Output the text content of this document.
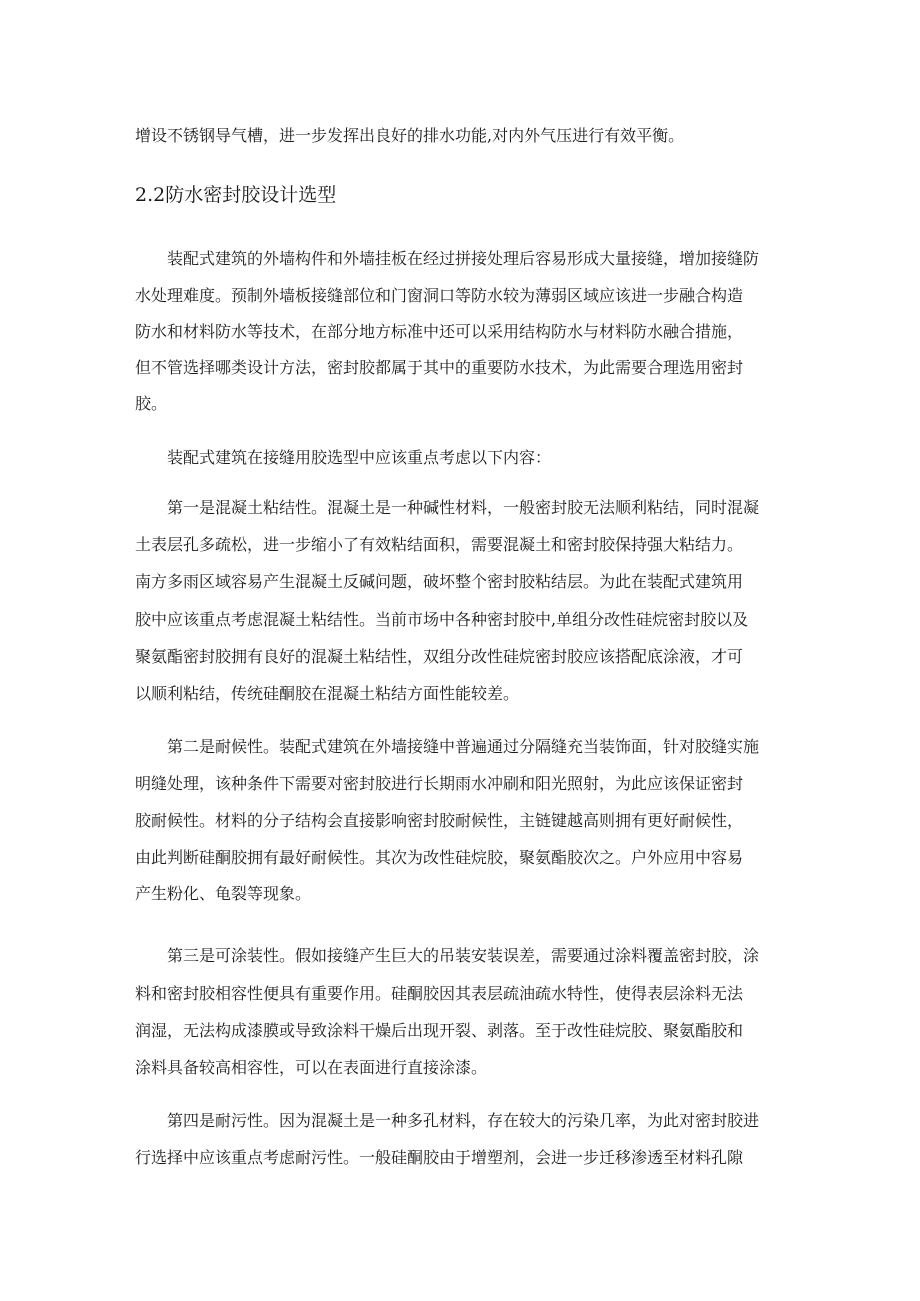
增设不锈钢导气槽，进一步发挥出良好的排水功能,对内外气压进行有效平衡。
2.2防水密封胶设计选型
装配式建筑的外墙构件和外墙挂板在经过拼接处理后容易形成大量接缝，增加接缝防
水处理难度。预制外墙板接缝部位和门窗洞口等防水较为薄弱区域应该进一步融合构造
防水和材料防水等技术，在部分地方标准中还可以采用结构防水与材料防水融合措施，
但不管选择哪类设计方法，密封胶都属于其中的重要防水技术，为此需要合理选用密封
胶。
装配式建筑在接缝用胶选型中应该重点考虑以下内容：
第一是混凝土粘结性。混凝土是一种碱性材料，一般密封胶无法顺利粘结，同时混凝
土表层孔多疏松，进一步缩小了有效粘结面积，需要混凝土和密封胶保持强大粘结力。
南方多雨区域容易产生混凝土反碱问题，破坏整个密封胶粘结层。为此在装配式建筑用
胶中应该重点考虑混凝土粘结性。当前市场中各种密封胶中,单组分改性硅烷密封胶以及
聚氨酯密封胶拥有良好的混凝土粘结性，双组分改性硅烷密封胶应该搭配底涂液，才可
以顺利粘结，传统硅酮胶在混凝土粘结方面性能较差。
第二是耐候性。装配式建筑在外墙接缝中普遍通过分隔缝充当装饰面，针对胶缝实施
明缝处理，该种条件下需要对密封胶进行长期雨水冲刷和阳光照射，为此应该保证密封
胶耐候性。材料的分子结构会直接影响密封胶耐候性，主链键越高则拥有更好耐候性，
由此判断硅酮胶拥有最好耐候性。其次为改性硅烷胶，聚氨酯胶次之。户外应用中容易
产生粉化、龟裂等现象。
第三是可涂装性。假如接缝产生巨大的吊装安装误差，需要通过涂料覆盖密封胶，涂
料和密封胶相容性便具有重要作用。硅酮胶因其表层疏油疏水特性，使得表层涂料无法
润湿，无法构成漆膜或导致涂料干燥后出现开裂、剥落。至于改性硅烷胶、聚氨酯胶和
涂料具备较高相容性，可以在表面进行直接涂漆。
第四是耐污性。因为混凝土是一种多孔材料，存在较大的污染几率，为此对密封胶进
行选择中应该重点考虑耐污性。一般硅酮胶由于增塑剂，会进一步迁移渗透至材料孔隙
